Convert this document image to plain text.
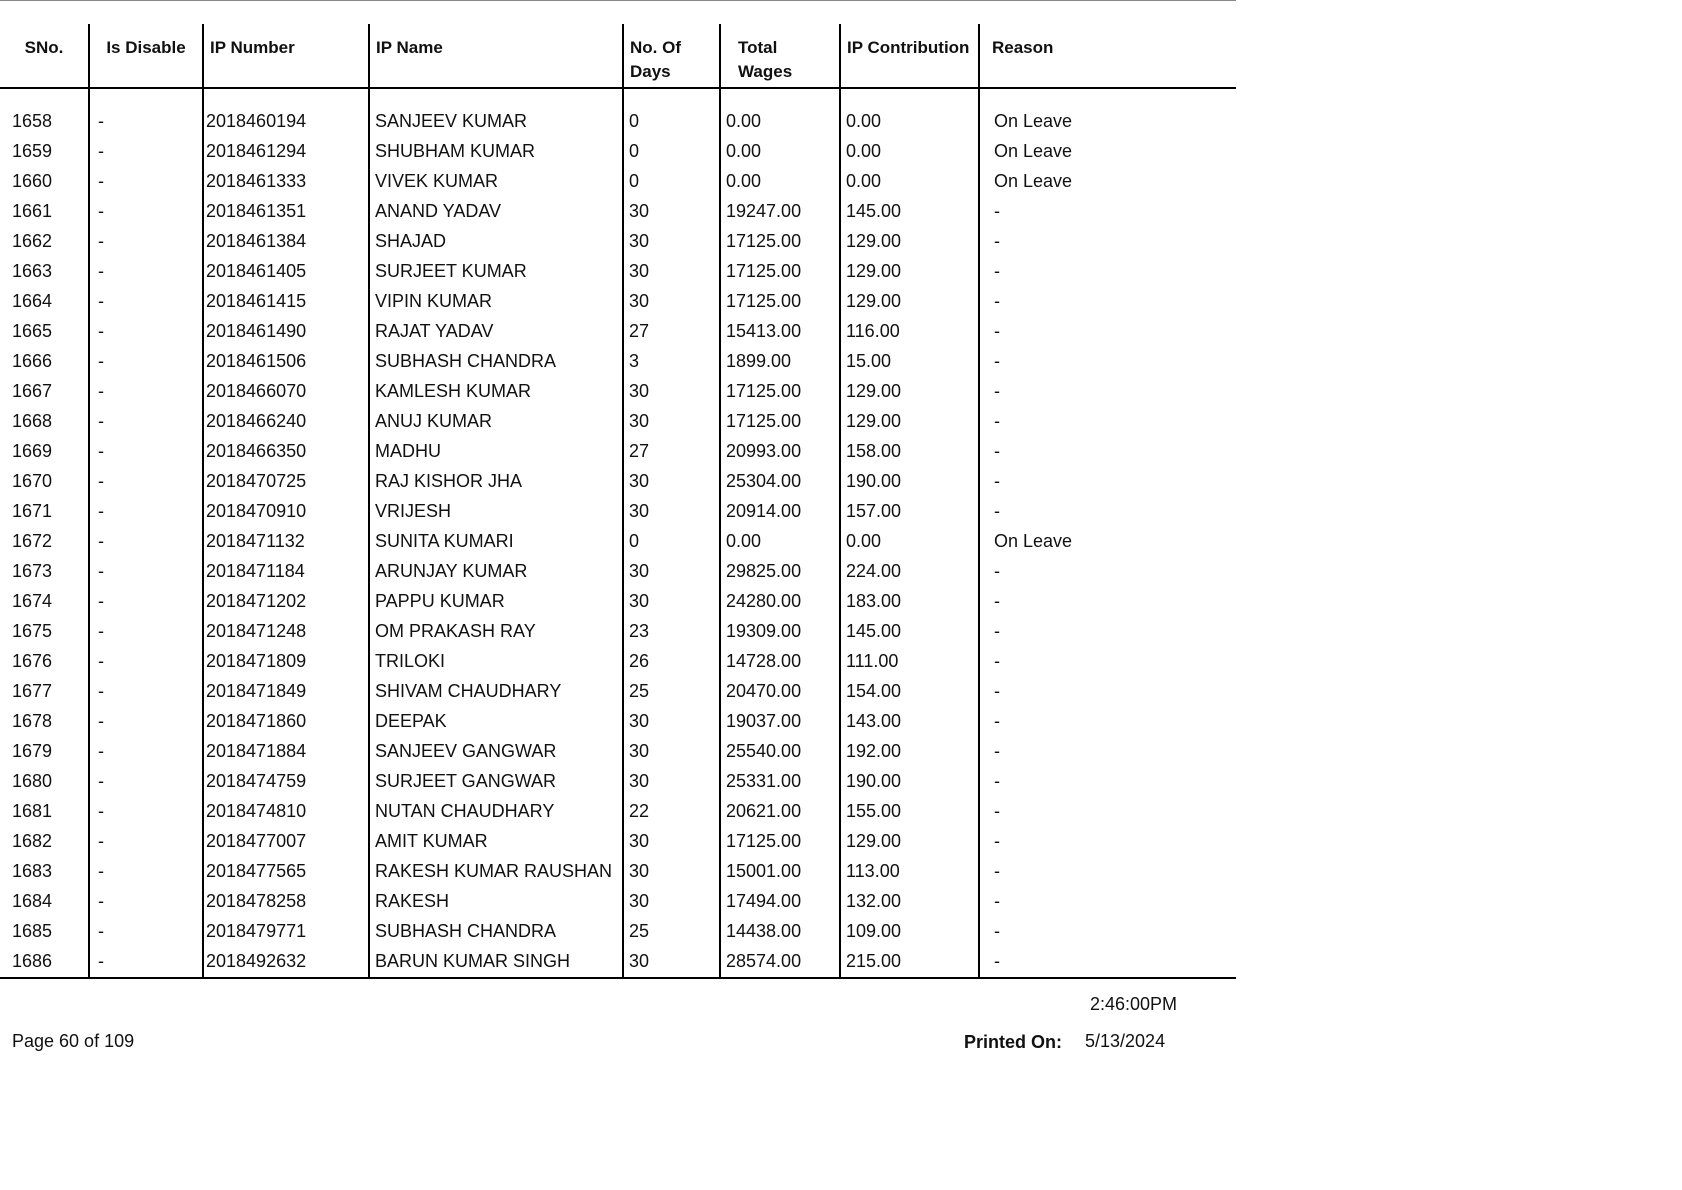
SNo.	Is Disable	IP Number	IP Name	No. Of Days	Total Wages	IP Contribution	Reason
1658	-	2018460194	SANJEEV KUMAR	0	0.00	0.00	On Leave
1659	-	2018461294	SHUBHAM KUMAR	0	0.00	0.00	On Leave
1660	-	2018461333	VIVEK KUMAR	0	0.00	0.00	On Leave
1661	-	2018461351	ANAND YADAV	30	19247.00	145.00	-
1662	-	2018461384	SHAJAD	30	17125.00	129.00	-
1663	-	2018461405	SURJEET KUMAR	30	17125.00	129.00	-
1664	-	2018461415	VIPIN KUMAR	30	17125.00	129.00	-
1665	-	2018461490	RAJAT YADAV	27	15413.00	116.00	-
1666	-	2018461506	SUBHASH CHANDRA	3	1899.00	15.00	-
1667	-	2018466070	KAMLESH KUMAR	30	17125.00	129.00	-
1668	-	2018466240	ANUJ KUMAR	30	17125.00	129.00	-
1669	-	2018466350	MADHU	27	20993.00	158.00	-
1670	-	2018470725	RAJ KISHOR JHA	30	25304.00	190.00	-
1671	-	2018470910	VRIJESH	30	20914.00	157.00	-
1672	-	2018471132	SUNITA KUMARI	0	0.00	0.00	On Leave
1673	-	2018471184	ARUNJAY KUMAR	30	29825.00	224.00	-
1674	-	2018471202	PAPPU KUMAR	30	24280.00	183.00	-
1675	-	2018471248	OM PRAKASH RAY	23	19309.00	145.00	-
1676	-	2018471809	TRILOKI	26	14728.00	111.00	-
1677	-	2018471849	SHIVAM CHAUDHARY	25	20470.00	154.00	-
1678	-	2018471860	DEEPAK	30	19037.00	143.00	-
1679	-	2018471884	SANJEEV GANGWAR	30	25540.00	192.00	-
1680	-	2018474759	SURJEET GANGWAR	30	25331.00	190.00	-
1681	-	2018474810	NUTAN CHAUDHARY	22	20621.00	155.00	-
1682	-	2018477007	AMIT KUMAR	30	17125.00	129.00	-
1683	-	2018477565	RAKESH KUMAR RAUSHAN	30	15001.00	113.00	-
1684	-	2018478258	RAKESH	30	17494.00	132.00	-
1685	-	2018479771	SUBHASH CHANDRA	25	14438.00	109.00	-
1686	-	2018492632	BARUN KUMAR SINGH	30	28574.00	215.00	-
2:46:00PM
Page 60 of 109	Printed On: 5/13/2024
